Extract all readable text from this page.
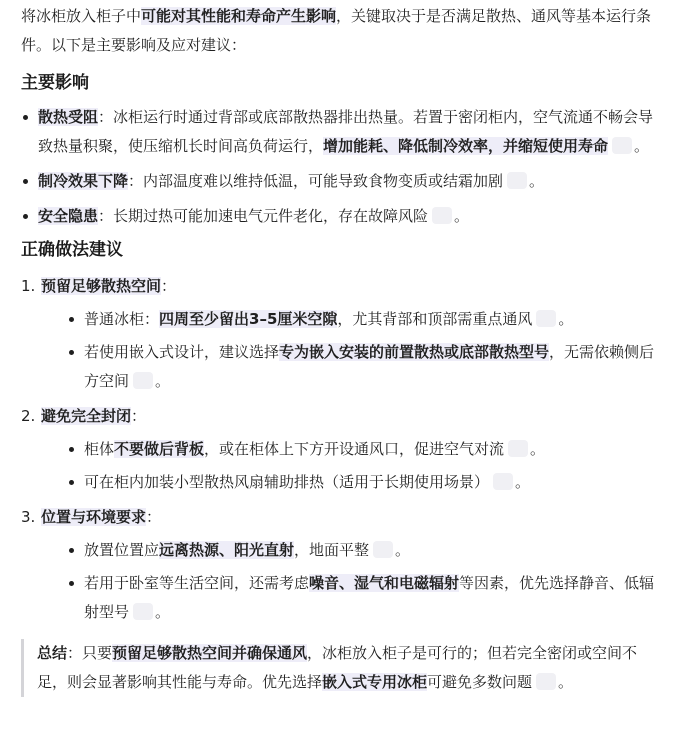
将冰柜放入柜子中可能对其性能和寿命产生影响，关键取决于是否满足散热、通风等基本运行条件。以下是主要影响及应对建议：

主要影响
散热受阻：冰柜运行时通过背部或底部散热器排出热量。若置于密闭柜内，空气流通不畅会导致热量积聚，使压缩机长时间高负荷运行，增加能耗、降低制冷效率，并缩短使用寿命 。
制冷效果下降：内部温度难以维持低温，可能导致食物变质或结霜加剧 。
安全隐患：长期过热可能加速电气元件老化，存在故障风险 。
正确做法建议

1. 预留足够散热空间：

普通冰柜：四周至少留出3–5厘米空隙，尤其背部和顶部需重点通风 。
若使用嵌入式设计，建议选择专为嵌入安装的前置散热或底部散热型号，无需依赖侧后方空间 。

2. 避免完全封闭：

柜体不要做后背板，或在柜体上下方开设通风口，促进空气对流 。
可在柜内加装小型散热风扇辅助排热（适用于长期使用场景） 。

3. 位置与环境要求：

放置位置应远离热源、阳光直射，地面平整 。
若用于卧室等生活空间，还需考虑噪音、湿气和电磁辐射等因素，优先选择静音、低辐射型号 。

总结：只要预留足够散热空间并确保通风，冰柜放入柜子是可行的；但若完全密闭或空间不足，则会显著影响其性能与寿命。优先选择嵌入式专用冰柜可避免多数问题 。
